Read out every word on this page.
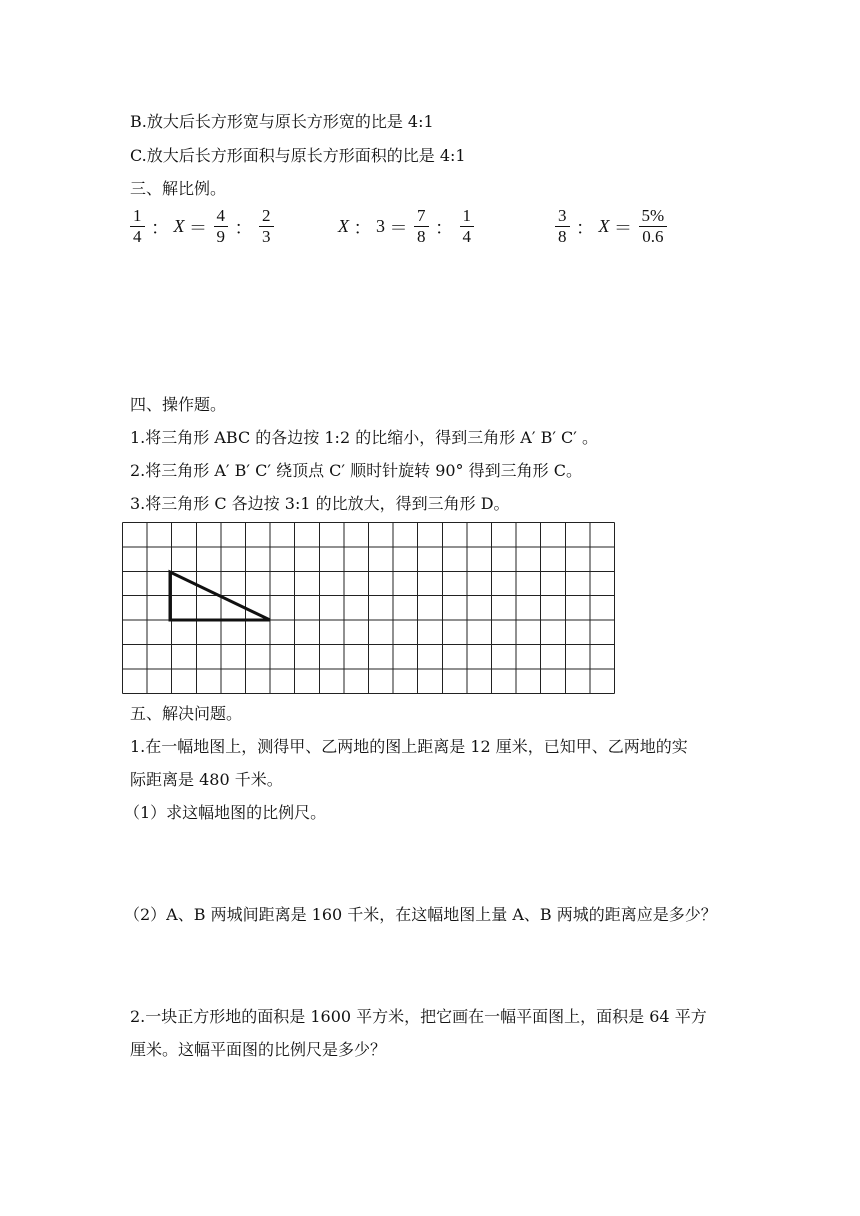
B.放大后长方形宽与原长方形宽的比是 4:1
C.放大后长方形面积与原长方形面积的比是 4:1
三、解比例。
$\frac{1}{4}$ ： $X = \frac{4}{9}$ ： $\frac{2}{3}$	X ： $3 = \frac{7}{8}$ ： $\frac{1}{4}$	$\frac{3}{8}$ ： $X = \frac{5\%}{0.6}$
四、操作题。
1.将三角形 ABC 的各边按 1:2 的比缩小，得到三角形 A′ B′ C′ 。
2.将三角形 A′ B′ C′ 绕顶点 C′ 顺时针旋转 90° 得到三角形 C。
3.将三角形 C 各边按 3:1 的比放大，得到三角形 D。
五、解决问题。
1.在一幅地图上，测得甲、乙两地的图上距离是 12 厘米，已知甲、乙两地的实
际距离是 480 千米。
（1）求这幅地图的比例尺。
（2）A、B 两城间距离是 160 千米，在这幅地图上量 A、B 两城的距离应是多少？
2.一块正方形地的面积是 1600 平方米，把它画在一幅平面图上，面积是 64 平方
厘米。这幅平面图的比例尺是多少？
